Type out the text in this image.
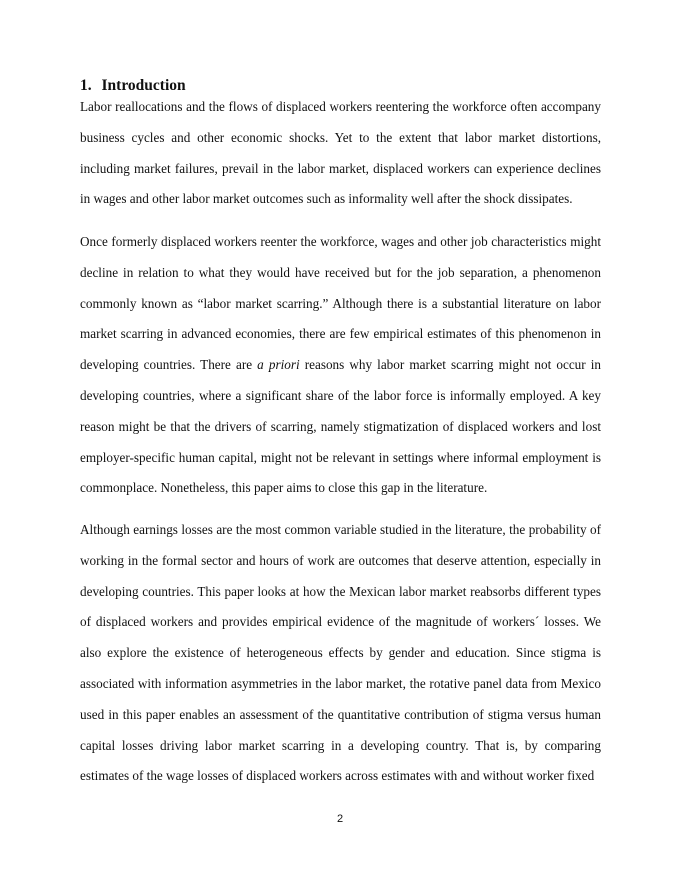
1. Introduction

Labor reallocations and the flows of displaced workers reentering the workforce often accompany business cycles and other economic shocks. Yet to the extent that labor market distortions, including market failures, prevail in the labor market, displaced workers can experience declines in wages and other labor market outcomes such as informality well after the shock dissipates.

Once formerly displaced workers reenter the workforce, wages and other job characteristics might decline in relation to what they would have received but for the job separation, a phenomenon commonly known as “labor market scarring.” Although there is a substantial literature on labor market scarring in advanced economies, there are few empirical estimates of this phenomenon in developing countries. There are a priori reasons why labor market scarring might not occur in developing countries, where a significant share of the labor force is informally employed. A key reason might be that the drivers of scarring, namely stigmatization of displaced workers and lost employer-specific human capital, might not be relevant in settings where informal employment is commonplace. Nonetheless, this paper aims to close this gap in the literature.

Although earnings losses are the most common variable studied in the literature, the probability of working in the formal sector and hours of work are outcomes that deserve attention, especially in developing countries. This paper looks at how the Mexican labor market reabsorbs different types of displaced workers and provides empirical evidence of the magnitude of workers´ losses. We also explore the existence of heterogeneous effects by gender and education. Since stigma is associated with information asymmetries in the labor market, the rotative panel data from Mexico used in this paper enables an assessment of the quantitative contribution of stigma versus human capital losses driving labor market scarring in a developing country. That is, by comparing estimates of the wage losses of displaced workers across estimates with and without worker fixed

2
